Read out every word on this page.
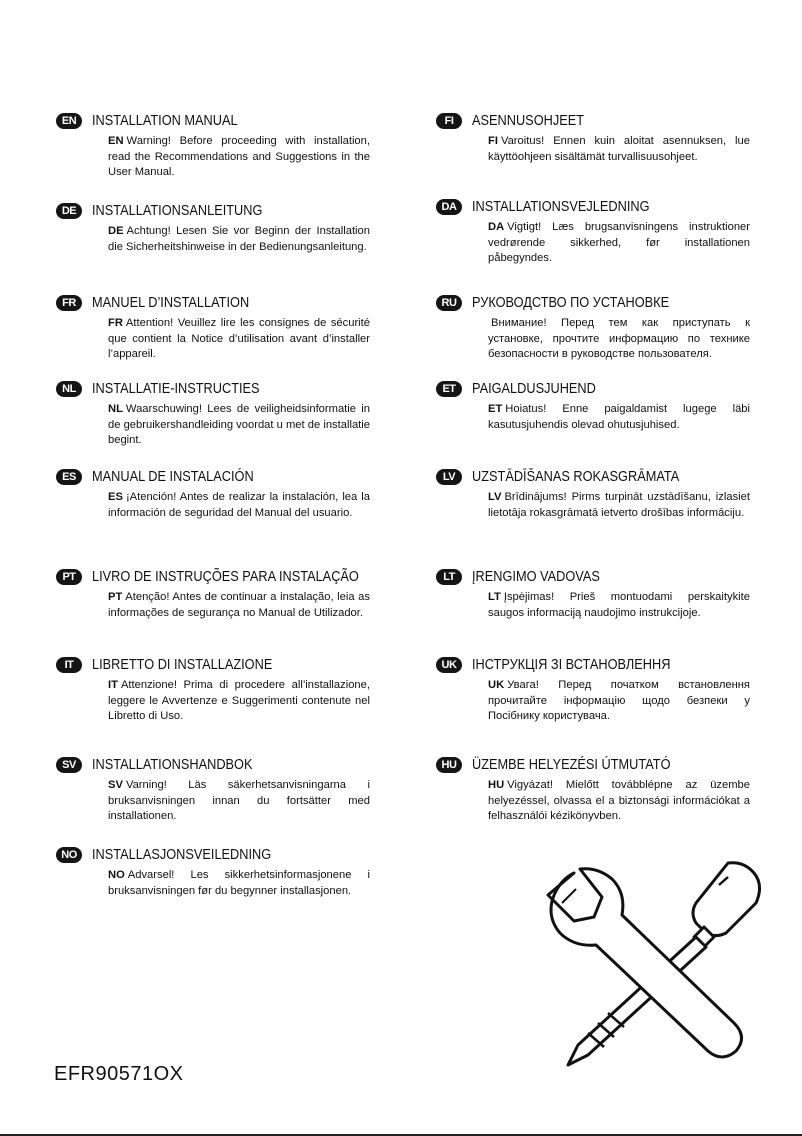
EN	INSTALLATION MANUAL
EN Warning! Before proceeding with installation, read the Recommendations and Suggestions in the User Manual.
DE	INSTALLATIONSANLEITUNG
DE Achtung! Lesen Sie vor Beginn der Installation die Sicherheitshinweise in der Bedienungsanleitung.
FR	MANUEL D’INSTALLATION
FR Attention! Veuillez lire les consignes de sécurité que contient la Notice d’utilisation avant d’installer l’appareil.
NL	INSTALLATIE-INSTRUCTIES
NL Waarschuwing! Lees de veiligheidsinformatie in de gebruikershandleiding voordat u met de installatie begint.
ES	MANUAL DE INSTALACIÓN
ES ¡Atención! Antes de realizar la instalación, lea la información de seguridad del Manual del usuario.
PT	LIVRO DE INSTRUÇÕES PARA INSTALAÇÃO
PT Atenção! Antes de continuar a instalação, leia as informações de segurança no Manual de Utilizador.
IT	LIBRETTO DI INSTALLAZIONE
IT Attenzione! Prima di procedere all’installazione, leggere le Avvertenze e Suggerimenti contenute nel Libretto di Uso.
SV	INSTALLATIONSHANDBOK
SV Varning! Läs säkerhetsanvisningarna i bruksanvisningen innan du fortsätter med installationen.
NO	INSTALLASJONSVEILEDNING
NO Advarsel! Les sikkerhetsinformasjonene i bruksanvisningen før du begynner installasjonen.
FI	ASENNUSOHJEET
FI Varoitus! Ennen kuin aloitat asennuksen, lue käyttöohjeen sisältämät turvallisuusohjeet.
DA	INSTALLATIONSVEJLEDNING
DA Vigtigt! Læs brugsanvisningens instruktioner vedrørende sikkerhed, før installationen påbegyndes.
RU	РУКОВОДСТВО ПО УСТАНОВКЕ
Внимание! Перед тем как приступать к установке, прочтите информацию по технике безопасности в руководстве пользователя.
ET	PAIGALDUSJUHEND
ET Hoiatus! Enne paigaldamist lugege läbi kasutusjuhendis olevad ohutusjuhised.
LV	UZSTĀDĪŠANAS ROKASGRĀMATA
LV Brīdinājums! Pirms turpināt uzstādīšanu, izlasiet lietotāja rokasgrāmatā ietverto drošības informāciju.
LT	ĮRENGIMO VADOVAS
LT Įspėjimas! Prieš montuodami perskaitykite saugos informaciją naudojimo instrukcijoje.
UK	ІНСТРУКЦІЯ ЗІ ВСТАНОВЛЕННЯ
UK Увага! Перед початком встановлення прочитайте інформацію щодо безпеки у Посібнику користувача.
HU	ÜZEMBE HELYEZÉSI ÚTMUTATÓ
HU Vigyázat! Mielőtt továbblépne az üzembe helyezéssel, olvassa el a biztonsági információkat a felhasználói kézikönyvben.
EFR90571OX
